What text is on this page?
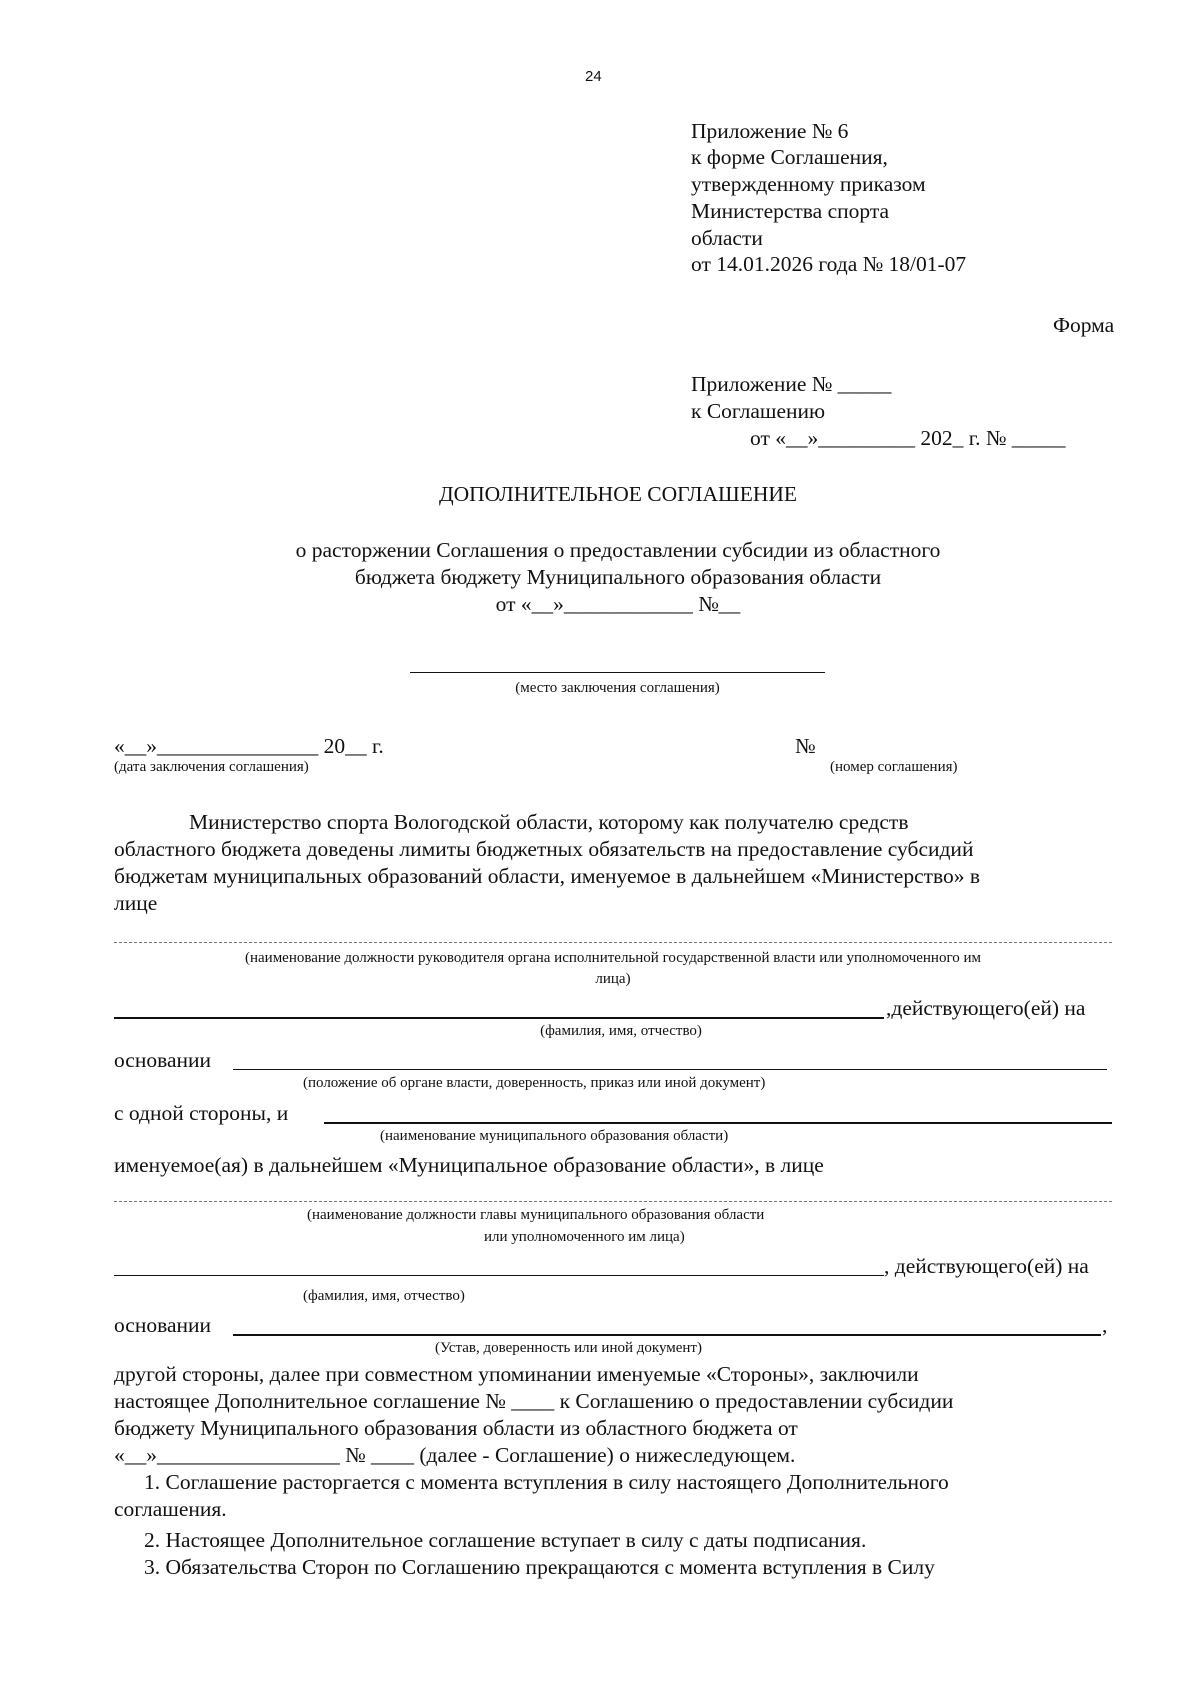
24
Приложение № 6
к форме Соглашения,
утвержденному приказом
Министерства спорта
области
от 14.01.2026 года № 18/01-07
Форма
Приложение № _____
к Соглашению
от «__»_________ 202_ г. № _____
ДОПОЛНИТЕЛЬНОЕ СОГЛАШЕНИЕ
о расторжении Соглашения о предоставлении субсидии из областного
бюджета бюджету Муниципального образования области
от «__»____________ №__
(место заключения соглашения)
«__»_______________ 20__ г.	№
(дата заключения соглашения)	(номер соглашения)
Министерство спорта Вологодской области, которому как получателю средств
областного бюджета доведены лимиты бюджетных обязательств на предоставление субсидий
бюджетам муниципальных образований области, именуемое в дальнейшем «Министерство» в
лице
(наименование должности руководителя органа исполнительной государственной власти или уполномоченного им
лица)
,действующего(ей) на
(фамилия, имя, отчество)
основании
(положение об органе власти, доверенность, приказ или иной документ)
с одной стороны, и
(наименование муниципального образования области)
именуемое(ая) в дальнейшем «Муниципальное образование области», в лице
(наименование должности главы муниципального образования области
или уполномоченного им лица)
, действующего(ей) на
(фамилия, имя, отчество)
основании	,
(Устав, доверенность или иной документ)
другой стороны, далее при совместном упоминании именуемые «Стороны», заключили
настоящее Дополнительное соглашение № ____ к Соглашению о предоставлении субсидии
бюджету Муниципального образования области из областного бюджета от
«__»_________________ № ____ (далее - Соглашение) о нижеследующем.
1. Соглашение расторгается с момента вступления в силу настоящего Дополнительного
соглашения.
2. Настоящее Дополнительное соглашение вступает в силу с даты подписания.
3. Обязательства Сторон по Соглашению прекращаются с момента вступления в Силу
